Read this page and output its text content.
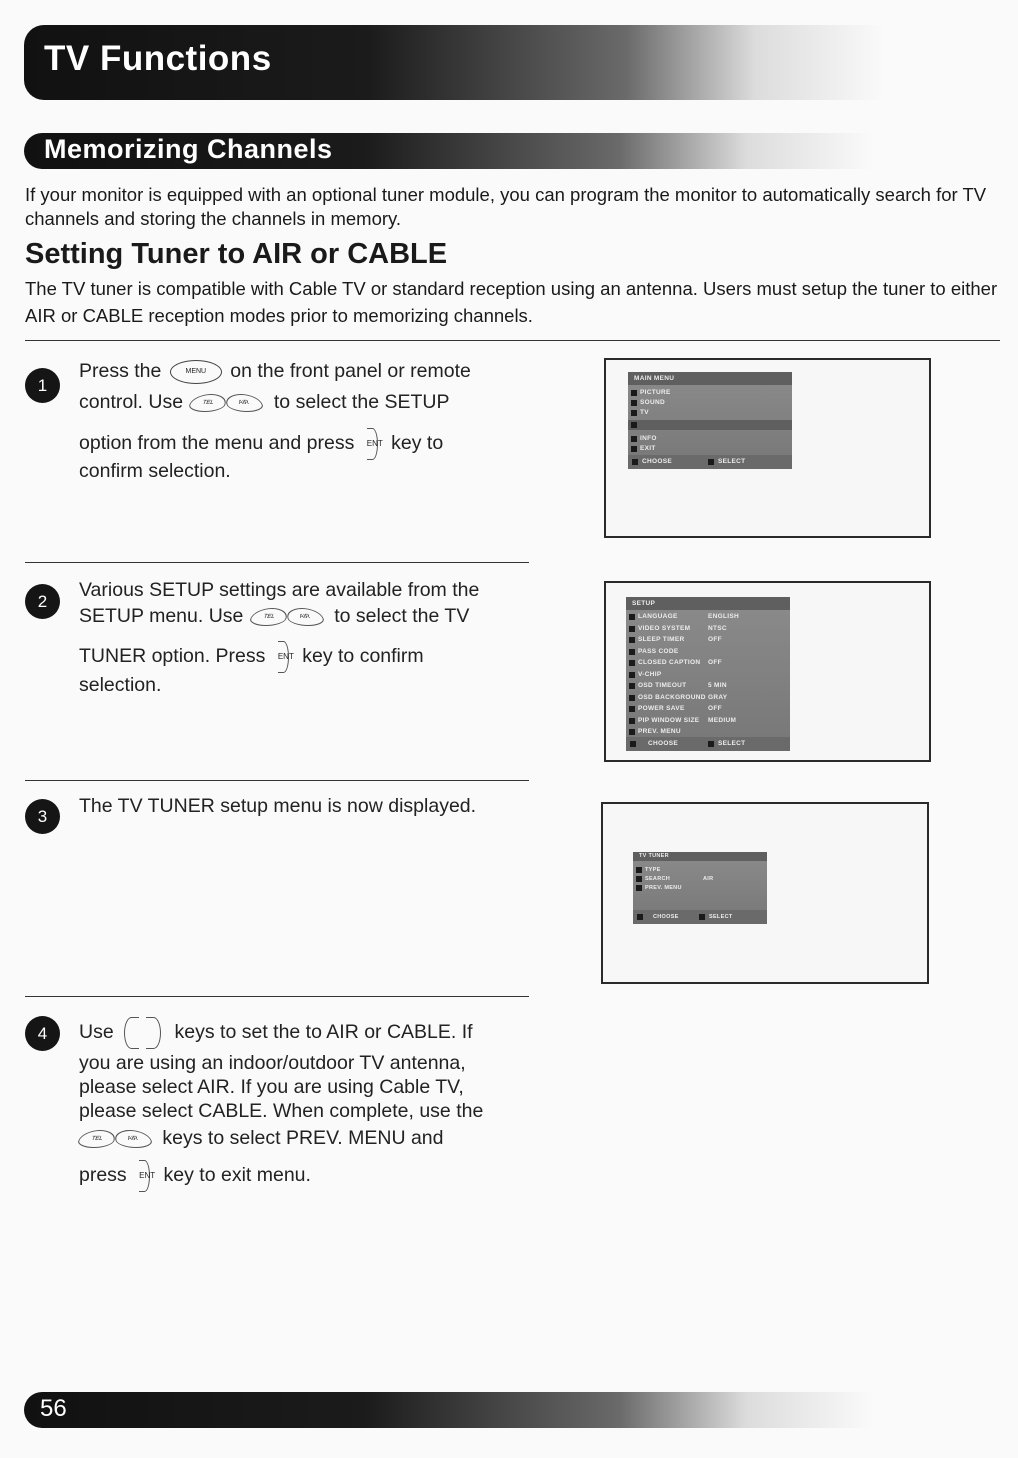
TV Functions
Memorizing Channels

If your monitor is equipped with an optional tuner module, you can program the monitor to automatically search for TV channels and storing the channels in memory.

Setting Tuner to AIR or CABLE

The TV tuner is compatible with Cable TV or standard reception using an antenna. Users must setup the tuner to either AIR or CABLE reception modes prior to memorizing channels.

1
Press the	MENU on the front panel or remote
control. Use	TEL	AIR	to select the SETUP
option from the menu and press ENT key to
confirm selection.
MAIN MENU
PICTURE
SOUND
TV
INFO
EXIT
CHOOSE	SELECT
2
Various SETUP settings are available from the
SETUP menu. Use	TEL	AIR	to select the TV
TUNER option. Press ENT key to confirm
selection.
SETUP
LANGUAGE	ENGLISH
VIDEO SYSTEM	NTSC
SLEEP TIMER	OFF
PASS CODE
CLOSED CAPTION OFF
V-CHIP
OSD TIMEOUT	5 MIN
OSD BACKGROUND GRAY
POWER SAVE	OFF
PIP WINDOW SIZE MEDIUM
PREV. MENU
CHOOSE	SELECT
3	The TV TUNER setup menu is now displayed.
TV TUNER
TYPE
SEARCH	AIR
PREV. MENU
CHOOSE	SELECT
4	Use	keys to set the to AIR or CABLE. If
you are using an indoor/outdoor TV antenna,
please select AIR. If you are using Cable TV,
please select CABLE. When complete, use the
TEL	AIR	keys to select PREV. MENU and
press ENT key to exit menu.
56
